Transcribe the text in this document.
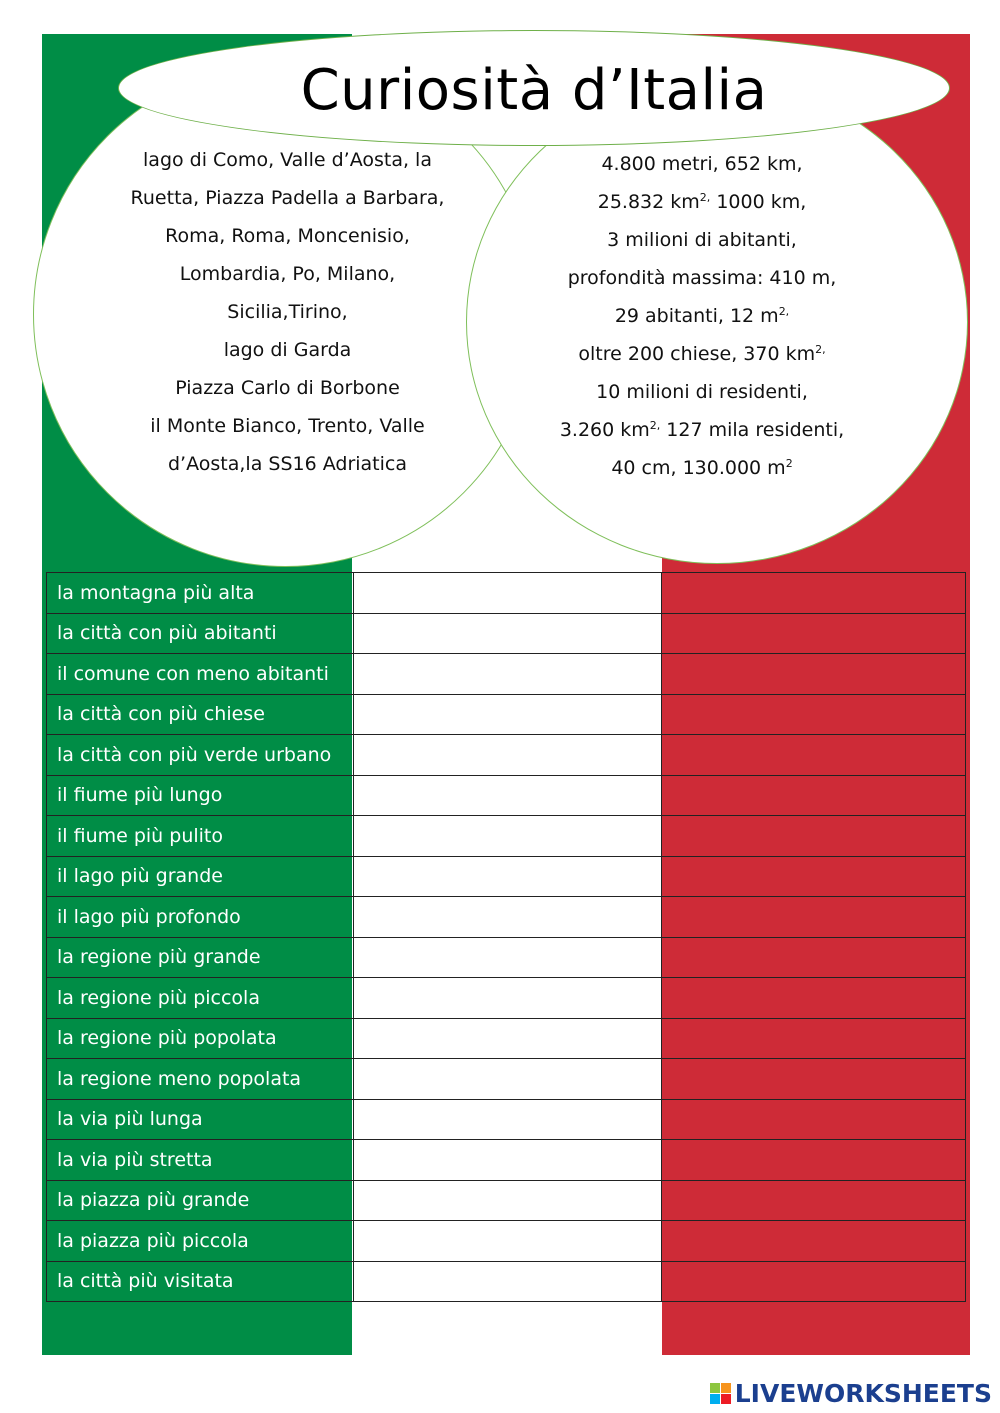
Curiosità d’Italia
lago di Como, Valle d’Aosta, la
Ruetta, Piazza Padella a Barbara,
Roma, Roma, Moncenisio,
Lombardia, Po, Milano,
Sicilia,Tirino,
lago di Garda
Piazza Carlo di Borbone
il Monte Bianco, Trento, Valle
d’Aosta,la SS16 Adriatica
4.800 metri, 652 km,
25.832 $km^{2,}$ 1000 km,
3 milioni di abitanti,
profondità massima: 410 m,
29 abitanti, 12 $m^{2,}$
oltre 200 chiese, 370 $km^{2,}$
10 milioni di residenti,
3.260 $km^{2,}$ 127 mila residenti,
40 cm, 130.000 $m^2$
la montagna più alta		
la città con più abitanti		
il comune con meno abitanti		
la città con più chiese		
la città con più verde urbano		
il fiume più lungo		
il fiume più pulito		
il lago più grande		
il lago più profondo		
la regione più grande		
la regione più piccola		
la regione più popolata		
la regione meno popolata		
la via più lunga		
la via più stretta		
la piazza più grande		
la piazza più piccola		
la città più visitata		
LIVEWORKSHEETS
